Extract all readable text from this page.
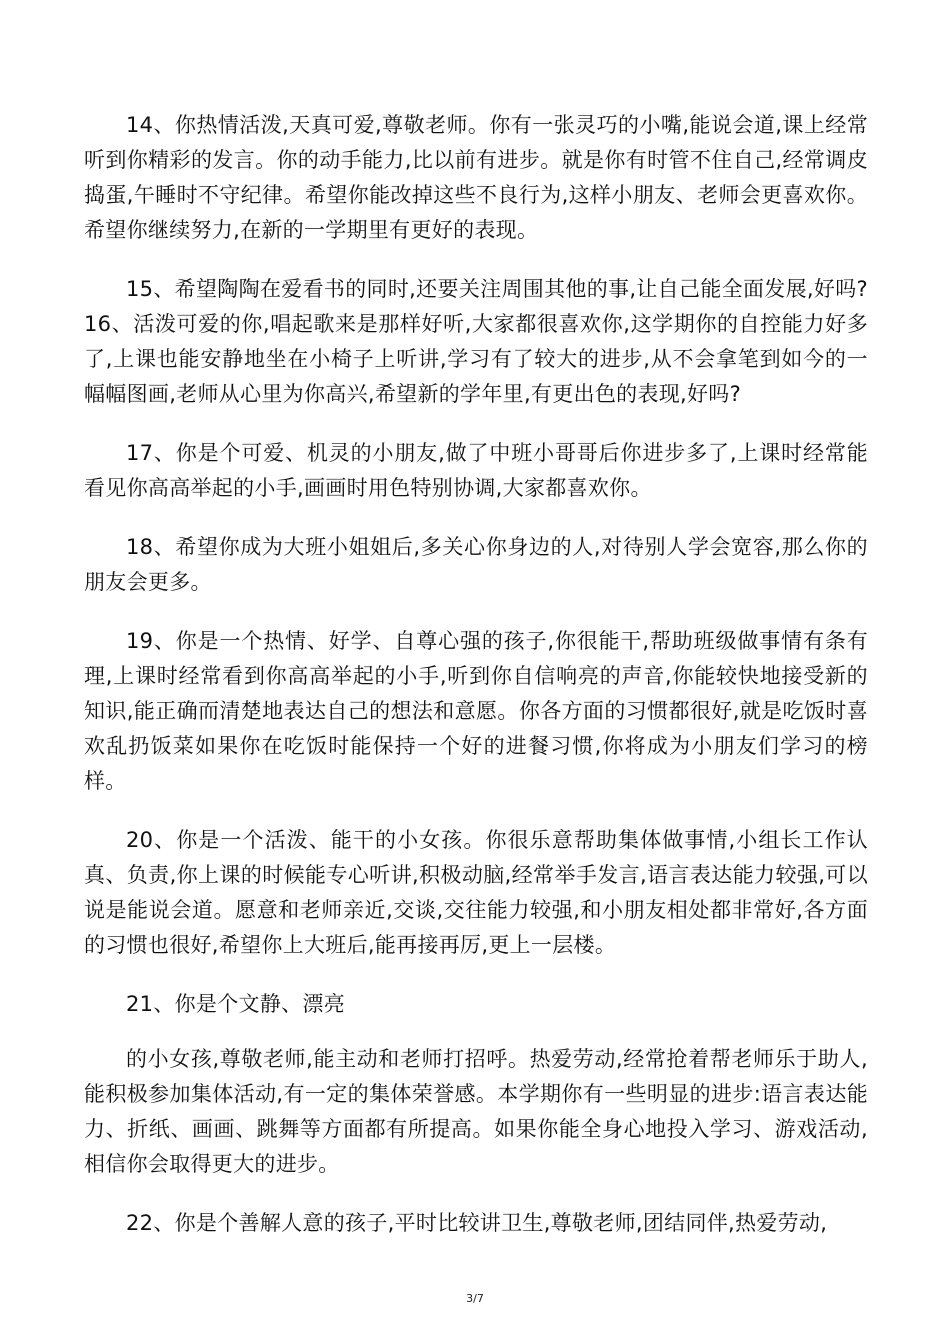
14、你热情活泼,天真可爱,尊敬老师。你有一张灵巧的小嘴,能说会道,课上经常听到你精彩的发言。你的动手能力,比以前有进步。就是你有时管不住自己,经常调皮捣蛋,午睡时不守纪律。希望你能改掉这些不良行为,这样小朋友、老师会更喜欢你。希望你继续努力,在新的一学期里有更好的表现。

15、希望陶陶在爱看书的同时,还要关注周围其他的事,让自己能全面发展,好吗?16、活泼可爱的你,唱起歌来是那样好听,大家都很喜欢你,这学期你的自控能力好多了,上课也能安静地坐在小椅子上听讲,学习有了较大的进步,从不会拿笔到如今的一幅幅图画,老师从心里为你高兴,希望新的学年里,有更出色的表现,好吗?

17、你是个可爱、机灵的小朋友,做了中班小哥哥后你进步多了,上课时经常能看见你高高举起的小手,画画时用色特别协调,大家都喜欢你。

18、希望你成为大班小姐姐后,多关心你身边的人,对待别人学会宽容,那么你的朋友会更多。

19、你是一个热情、好学、自尊心强的孩子,你很能干,帮助班级做事情有条有理,上课时经常看到你高高举起的小手,听到你自信响亮的声音,你能较快地接受新的知识,能正确而清楚地表达自己的想法和意愿。你各方面的习惯都很好,就是吃饭时喜欢乱扔饭菜如果你在吃饭时能保持一个好的进餐习惯,你将成为小朋友们学习的榜样。

20、你是一个活泼、能干的小女孩。你很乐意帮助集体做事情,小组长工作认真、负责,你上课的时候能专心听讲,积极动脑,经常举手发言,语言表达能力较强,可以说是能说会道。愿意和老师亲近,交谈,交往能力较强,和小朋友相处都非常好,各方面的习惯也很好,希望你上大班后,能再接再厉,更上一层楼。

21、你是个文静、漂亮

的小女孩,尊敬老师,能主动和老师打招呼。热爱劳动,经常抢着帮老师乐于助人,能积极参加集体活动,有一定的集体荣誉感。本学期你有一些明显的进步:语言表达能力、折纸、画画、跳舞等方面都有所提高。如果你能全身心地投入学习、游戏活动,相信你会取得更大的进步。

22、你是个善解人意的孩子,平时比较讲卫生,尊敬老师,团结同伴,热爱劳动,

3/7
